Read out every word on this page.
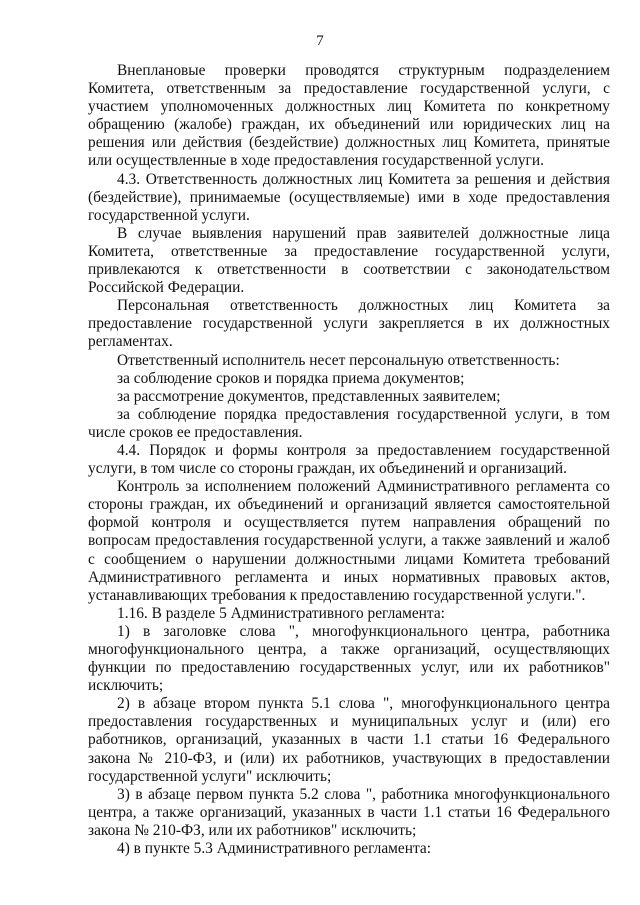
7

Внеплановые проверки проводятся структурным подразделением Комитета, ответственным за предоставление государственной услуги, с участием уполномоченных должностных лиц Комитета по конкретному обращению (жалобе) граждан, их объединений или юридических лиц на решения или действия (бездействие) должностных лиц Комитета, принятые или осуществленные в ходе предоставления государственной услуги.

4.3. Ответственность должностных лиц Комитета за решения и действия (бездействие), принимаемые (осуществляемые) ими в ходе предоставления государственной услуги.

В случае выявления нарушений прав заявителей должностные лица Комитета, ответственные за предоставление государственной услуги, привлекаются к ответственности в соответствии с законодательством Российской Федерации.

Персональная ответственность должностных лиц Комитета за предоставление государственной услуги закрепляется в их должностных регламентах.

Ответственный исполнитель несет персональную ответственность:

за соблюдение сроков и порядка приема документов;

за рассмотрение документов, представленных заявителем;

за соблюдение порядка предоставления государственной услуги, в том числе сроков ее предоставления.

4.4. Порядок и формы контроля за предоставлением государственной услуги, в том числе со стороны граждан, их объединений и организаций.

Контроль за исполнением положений Административного регламента со стороны граждан, их объединений и организаций является самостоятельной формой контроля и осуществляется путем направления обращений по вопросам предоставления государственной услуги, а также заявлений и жалоб с сообщением о нарушении должностными лицами Комитета требований Административного регламента и иных нормативных правовых актов, устанавливающих требования к предоставлению государственной услуги.".

1.16. В разделе 5 Административного регламента:

1) в заголовке слова ", многофункционального центра, работника многофункционального центра, а также организаций, осуществляющих функции по предоставлению государственных услуг, или их работников" исключить;

2) в абзаце втором пункта 5.1 слова ", многофункционального центра предоставления государственных и муниципальных услуг и (или) его работников, организаций, указанных в части 1.1 статьи 16 Федерального закона № 210-ФЗ, и (или) их работников, участвующих в предоставлении государственной услуги" исключить;

3) в абзаце первом пункта 5.2 слова ", работника многофункционального центра, а также организаций, указанных в части 1.1 статьи 16 Федерального закона № 210-ФЗ, или их работников" исключить;

4) в пункте 5.3 Административного регламента:
